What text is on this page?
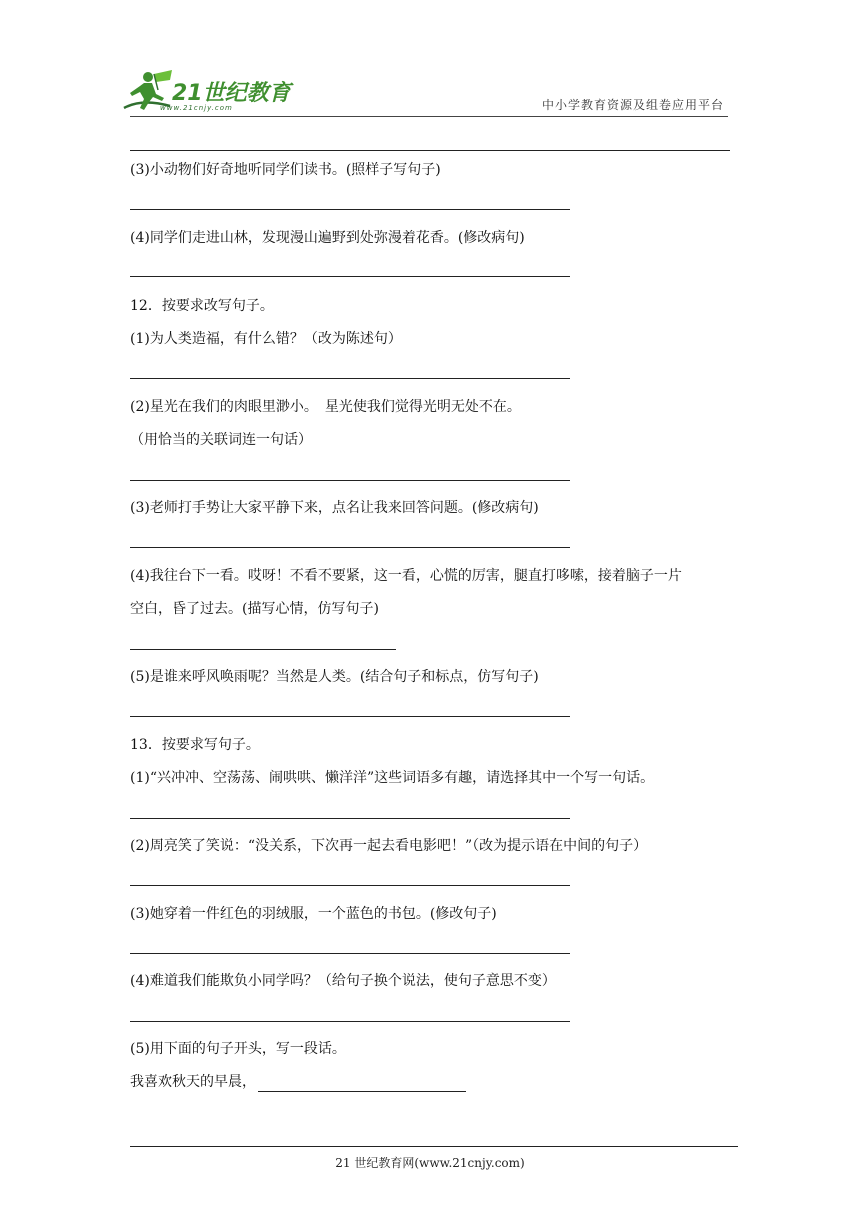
21世纪教育
www.21cnjy.com	中小学教育资源及组卷应用平台
(3)小动物们好奇地听同学们读书。(照样子写句子)
(4)同学们走进山林，发现漫山遍野到处弥漫着花香。(修改病句)
12．按要求改写句子。
(1)为人类造福，有什么错？（改为陈述句）
(2)星光在我们的肉眼里渺小。　星光使我们觉得光明无处不在。
（用恰当的关联词连一句话）
(3)老师打手势让大家平静下来，点名让我来回答问题。(修改病句)
(4)我往台下一看。哎呀！不看不要紧，这一看，心慌的厉害，腿直打哆嗦，接着脑子一片
空白，昏了过去。(描写心情，仿写句子)
(5)是谁来呼风唤雨呢？当然是人类。(结合句子和标点，仿写句子)
13．按要求写句子。
(1)“兴冲冲、空荡荡、闹哄哄、懒洋洋”这些词语多有趣，请选择其中一个写一句话。
(2)周亮笑了笑说：“没关系，下次再一起去看电影吧！”（改为提示语在中间的句子）
(3)她穿着一件红色的羽绒服，一个蓝色的书包。(修改句子)
(4)难道我们能欺负小同学吗？（给句子换个说法，使句子意思不变）
(5)用下面的句子开头，写一段话。
我喜欢秋天的早晨，
21 世纪教育网(www.21cnjy.com)
